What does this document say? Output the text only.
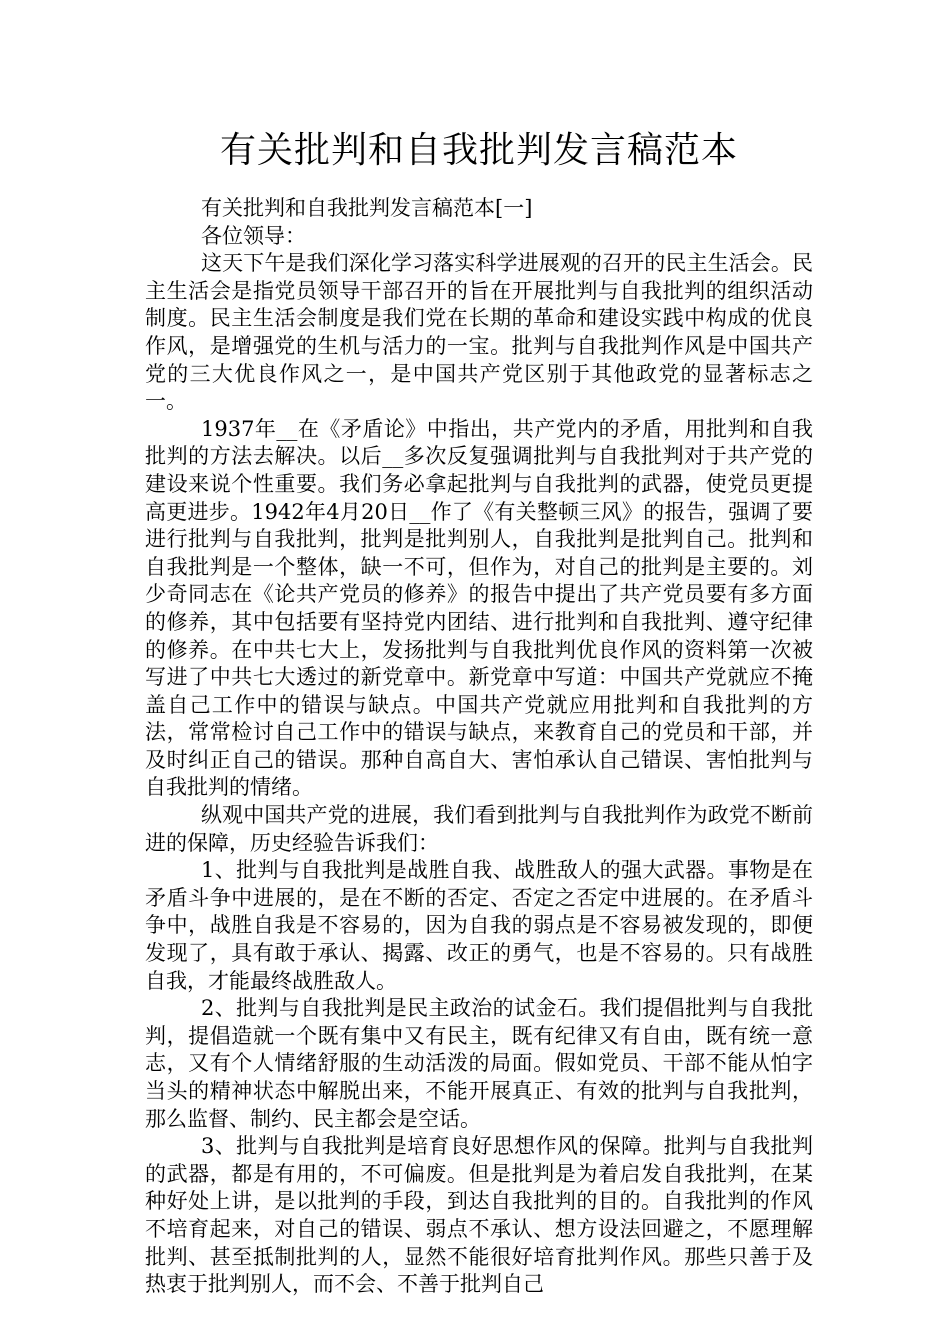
有关批判和自我批判发言稿范本

有关批判和自我批判发言稿范本[一]

各位领导：

这天下午是我们深化学习落实科学进展观的召开的民主生活会。民主生活会是指党员领导干部召开的旨在开展批判与自我批判的组织活动制度。民主生活会制度是我们党在长期的革命和建设实践中构成的优良作风，是增强党的生机与活力的一宝。批判与自我批判作风是中国共产党的三大优良作风之一，是中国共产党区别于其他政党的显著标志之一。

1937年__在《矛盾论》中指出，共产党内的矛盾，用批判和自我批判的方法去解决。以后__多次反复强调批判与自我批判对于共产党的建设来说个性重要。我们务必拿起批判与自我批判的武器，使党员更提高更进步。1942年4月20日__作了《有关整顿三风》的报告，强调了要进行批判与自我批判，批判是批判别人，自我批判是批判自己。批判和自我批判是一个整体，缺一不可，但作为，对自己的批判是主要的。刘少奇同志在《论共产党员的修养》的报告中提出了共产党员要有多方面的修养，其中包括要有坚持党内团结、进行批判和自我批判、遵守纪律的修养。在中共七大上，发扬批判与自我批判优良作风的资料第一次被写进了中共七大透过的新党章中。新党章中写道：中国共产党就应不掩盖自己工作中的错误与缺点。中国共产党就应用批判和自我批判的方法，常常检讨自己工作中的错误与缺点，来教育自己的党员和干部，并及时纠正自己的错误。那种自高自大、害怕承认自己错误、害怕批判与自我批判的情绪。

纵观中国共产党的进展，我们看到批判与自我批判作为政党不断前进的保障，历史经验告诉我们：

1、批判与自我批判是战胜自我、战胜敌人的强大武器。事物是在矛盾斗争中进展的，是在不断的否定、否定之否定中进展的。在矛盾斗争中，战胜自我是不容易的，因为自我的弱点是不容易被发现的，即便发现了，具有敢于承认、揭露、改正的勇气，也是不容易的。只有战胜自我，才能最终战胜敌人。

2、批判与自我批判是民主政治的试金石。我们提倡批判与自我批判，提倡造就一个既有集中又有民主，既有纪律又有自由，既有统一意志，又有个人情绪舒服的生动活泼的局面。假如党员、干部不能从怕字当头的精神状态中解脱出来，不能开展真正、有效的批判与自我批判，那么监督、制约、民主都会是空话。

3、批判与自我批判是培育良好思想作风的保障。批判与自我批判的武器，都是有用的，不可偏废。但是批判是为着启发自我批判，在某种好处上讲，是以批判的手段，到达自我批判的目的。自我批判的作风不培育起来，对自己的错误、弱点不承认、想方设法回避之，不愿理解批判、甚至抵制批判的人，显然不能很好培育批判作风。那些只善于及热衷于批判别人，而不会、不善于批判自己
